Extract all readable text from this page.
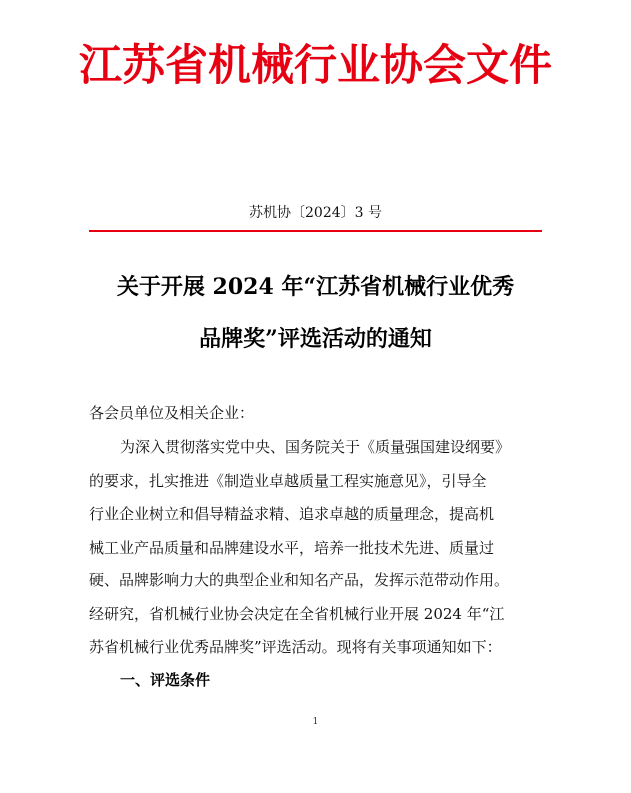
江苏省机械行业协会文件
苏机协〔2024〕3 号
关于开展 2024 年“江苏省机械行业优秀
品牌奖”评选活动的通知
各会员单位及相关企业：
为深入贯彻落实党中央、国务院关于《质量强国建设纲要》
的要求，扎实推进《制造业卓越质量工程实施意见》，引导全
行业企业树立和倡导精益求精、追求卓越的质量理念，提高机
械工业产品质量和品牌建设水平，培养一批技术先进、质量过
硬、品牌影响力大的典型企业和知名产品，发挥示范带动作用。
经研究，省机械行业协会决定在全省机械行业开展 2024 年“江
苏省机械行业优秀品牌奖”评选活动。现将有关事项通知如下：
一、评选条件
1
